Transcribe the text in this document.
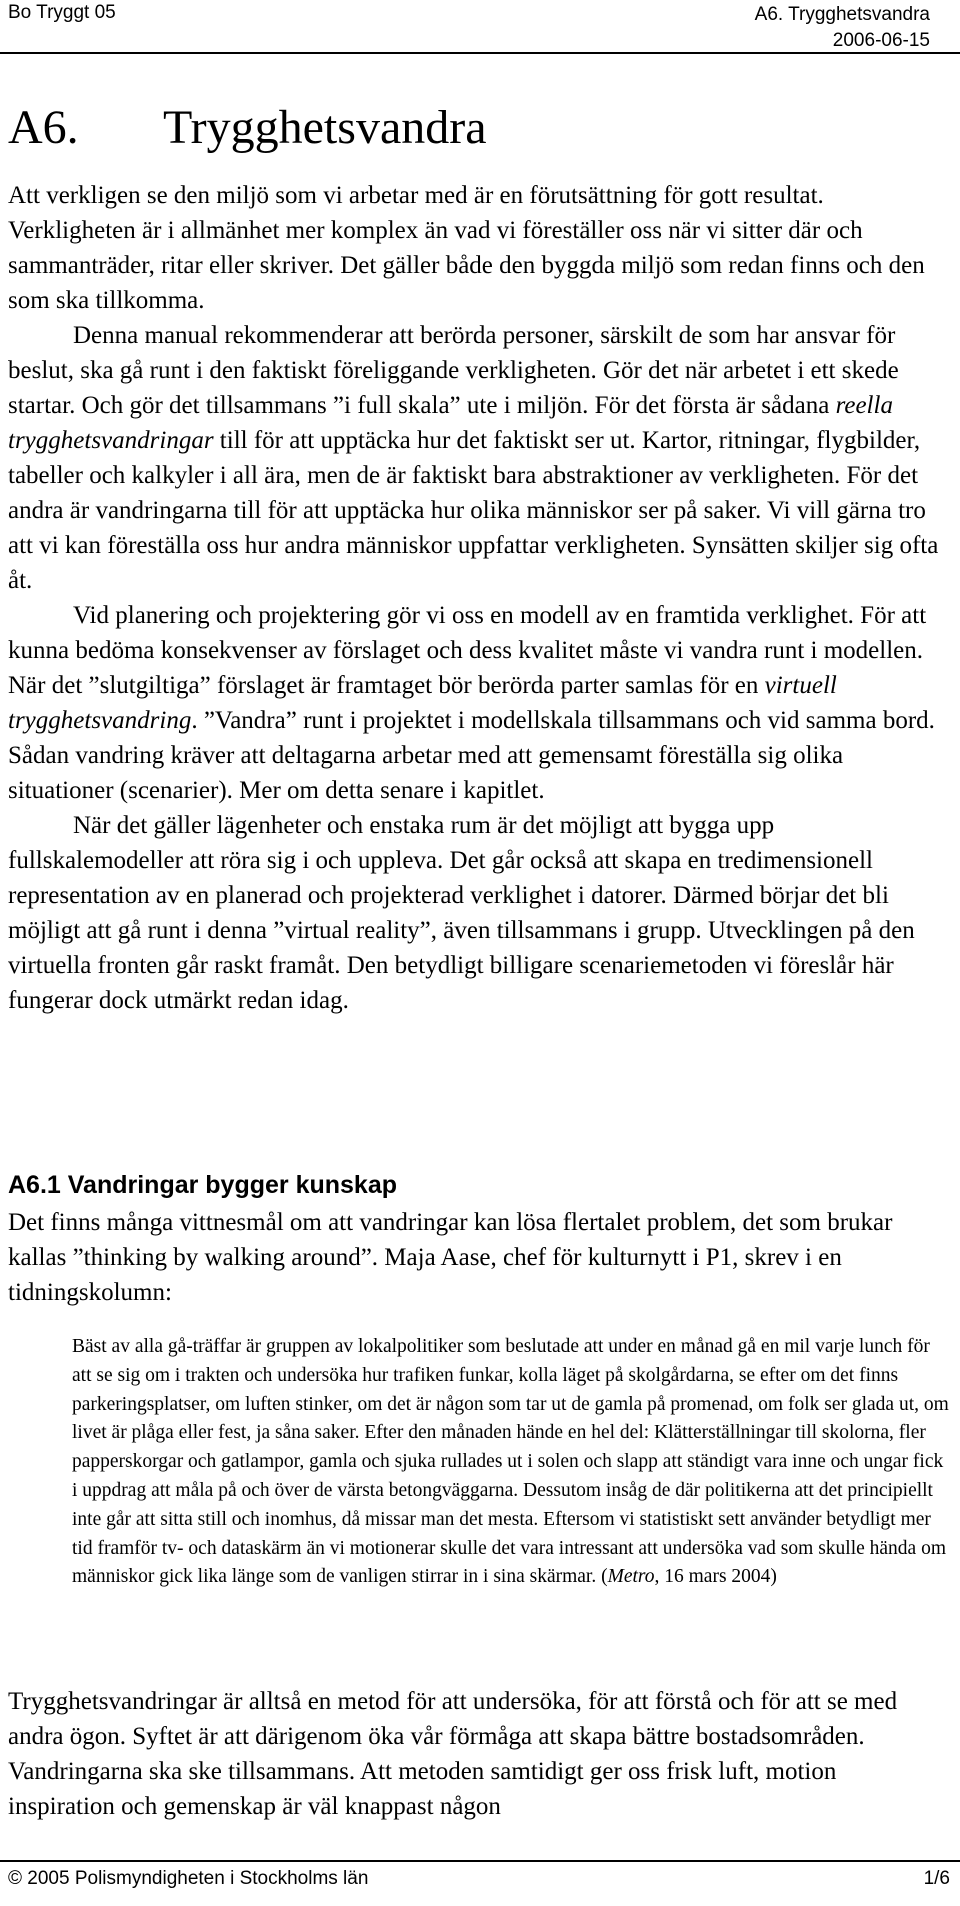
Bo Tryggt 05	A6. Trygghetsvandra
2006-06-15
A6. Trygghetsvandra

Att verkligen se den miljö som vi arbetar med är en förutsättning för gott resultat. Verkligheten är i allmänhet mer komplex än vad vi föreställer oss när vi sitter där och sammanträder, ritar eller skriver. Det gäller både den byggda miljö som redan finns och den som ska tillkomma.

Denna manual rekommenderar att berörda personer, särskilt de som har ansvar för beslut, ska gå runt i den faktiskt föreliggande verkligheten. Gör det när arbetet i ett skede startar. Och gör det tillsammans ”i full skala” ute i miljön. För det första är sådana reella trygghetsvandringar till för att upptäcka hur det faktiskt ser ut. Kartor, ritningar, flygbilder, tabeller och kalkyler i all ära, men de är faktiskt bara abstraktioner av verkligheten. För det andra är vandringarna till för att upptäcka hur olika människor ser på saker. Vi vill gärna tro att vi kan föreställa oss hur andra människor uppfattar verkligheten. Synsätten skiljer sig ofta åt.

Vid planering och projektering gör vi oss en modell av en framtida verklighet. För att kunna bedöma konsekvenser av förslaget och dess kvalitet måste vi vandra runt i modellen. När det ”slutgiltiga” förslaget är framtaget bör berörda parter samlas för en virtuell trygghetsvandring. ”Vandra” runt i projektet i modellskala tillsammans och vid samma bord. Sådan vandring kräver att deltagarna arbetar med att gemensamt föreställa sig olika situationer (scenarier). Mer om detta senare i kapitlet.

När det gäller lägenheter och enstaka rum är det möjligt att bygga upp fullskalemodeller att röra sig i och uppleva. Det går också att skapa en tredimensionell representation av en planerad och projekterad verklighet i datorer. Därmed börjar det bli möjligt att gå runt i denna ”virtual reality”, även tillsammans i grupp. Utvecklingen på den virtuella fronten går raskt framåt. Den betydligt billigare scenariemetoden vi föreslår här fungerar dock utmärkt redan idag.

A6.1 Vandringar bygger kunskap
Det finns många vittnesmål om att vandringar kan lösa flertalet problem, det som brukar kallas ”thinking by walking around”. Maja Aase, chef för kulturnytt i P1, skrev i en tidningskolumn:
Bäst av alla gå-träffar är gruppen av lokalpolitiker som beslutade att under en månad gå en mil varje lunch för att se sig om i trakten och undersöka hur trafiken funkar, kolla läget på skolgårdarna, se efter om det finns parkeringsplatser, om luften stinker, om det är någon som tar ut de gamla på promenad, om folk ser glada ut, om livet är plåga eller fest, ja såna saker. Efter den månaden hände en hel del: Klätterställningar till skolorna, fler papperskorgar och gatlampor, gamla och sjuka rullades ut i solen och slapp att ständigt vara inne och ungar fick i uppdrag att måla på och över de värsta betongväggarna. Dessutom insåg de där politikerna att det principiellt inte går att sitta still och inomhus, då missar man det mesta. Eftersom vi statistiskt sett använder betydligt mer tid framför tv- och dataskärm än vi motionerar skulle det vara intressant att undersöka vad som skulle hända om människor gick lika länge som de vanligen stirrar in i sina skärmar. (Metro, 16 mars 2004)
Trygghetsvandringar är alltså en metod för att undersöka, för att förstå och för att se med andra ögon. Syftet är att därigenom öka vår förmåga att skapa bättre bostadsområden. Vandringarna ska ske tillsammans. Att metoden samtidigt ger oss frisk luft, motion inspiration och gemenskap är väl knappast någon
© 2005 Polismyndigheten i Stockholms län	1/6
